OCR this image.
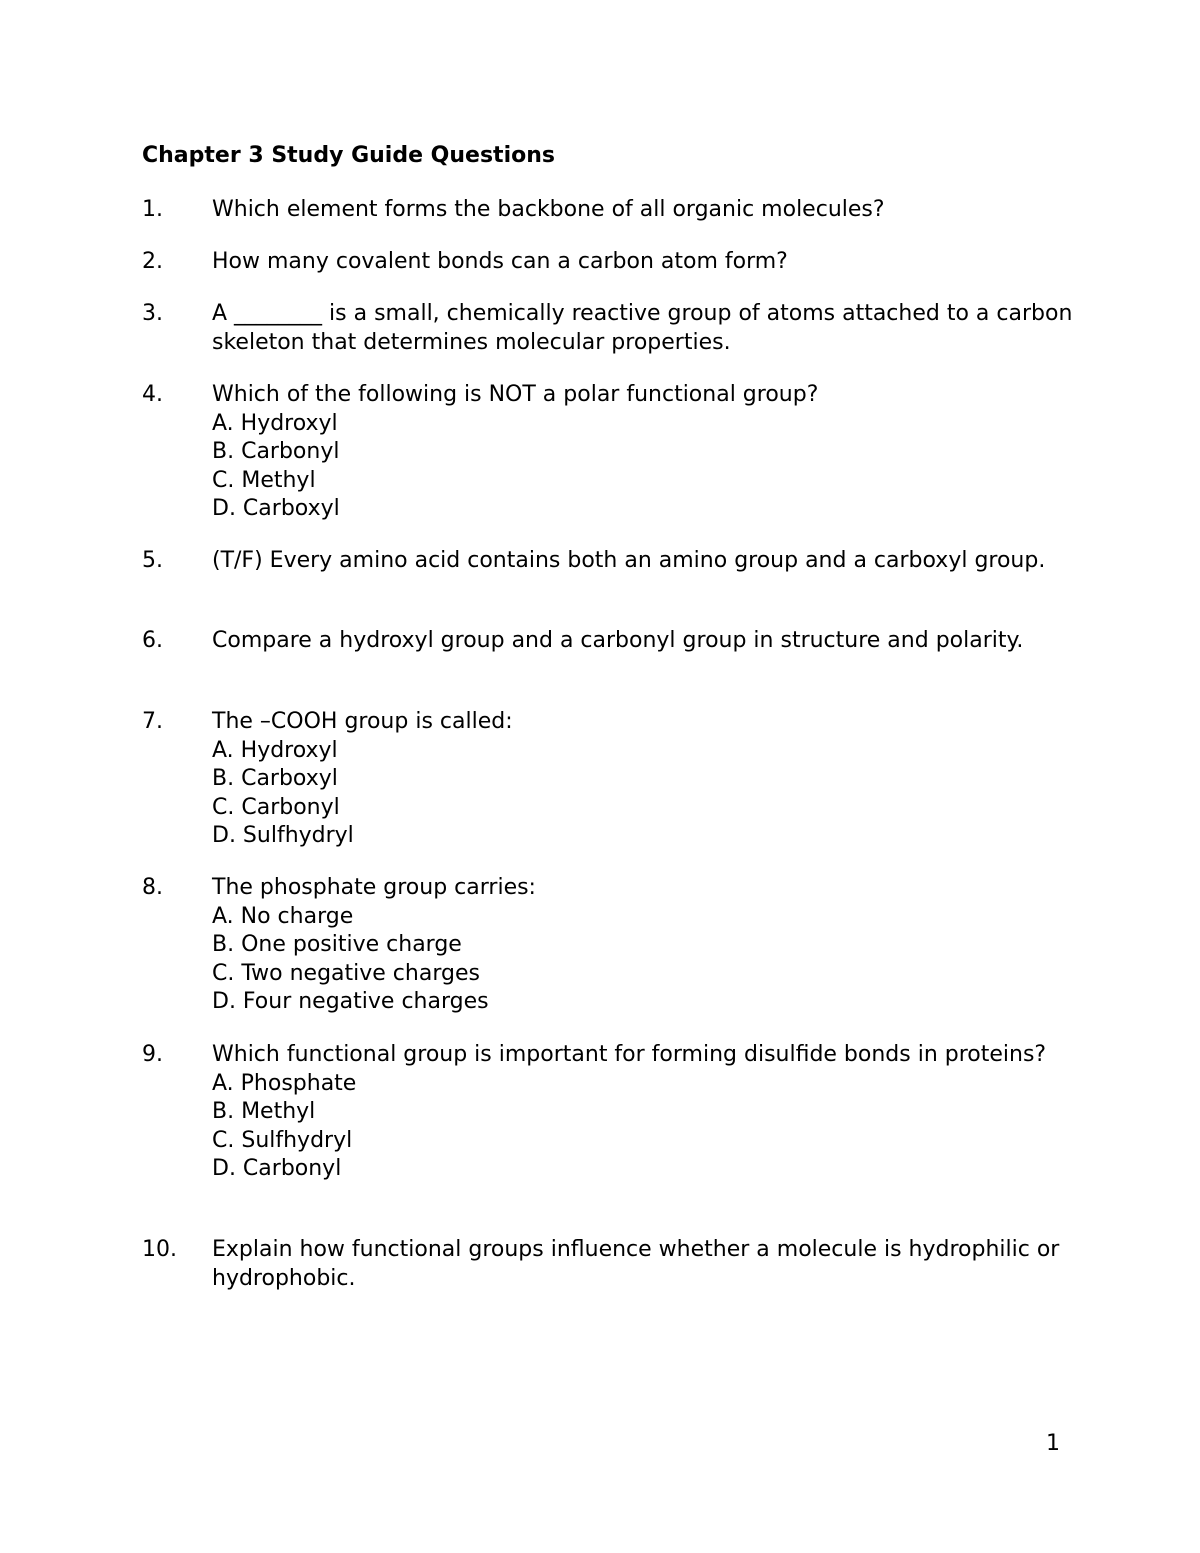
Chapter 3 Study Guide Questions
1.	Which element forms the backbone of all organic molecules?
2.	How many covalent bonds can a carbon atom form?
3.	A ________ is a small, chemically reactive group of atoms attached to a carbon skeleton that determines molecular properties.
4.	Which of the following is NOT a polar functional group?
A. Hydroxyl
B. Carbonyl
C. Methyl
D. Carboxyl
5.	(T/F) Every amino acid contains both an amino group and a carboxyl group.
6.	Compare a hydroxyl group and a carbonyl group in structure and polarity.
7.	The –COOH group is called:
A. Hydroxyl
B. Carboxyl
C. Carbonyl
D. Sulfhydryl
8.	The phosphate group carries:
A. No charge
B. One positive charge
C. Two negative charges
D. Four negative charges
9.	Which functional group is important for forming disulfide bonds in proteins?
A. Phosphate
B. Methyl
C. Sulfhydryl
D. Carbonyl
10.	Explain how functional groups influence whether a molecule is hydrophilic or hydrophobic.
1
